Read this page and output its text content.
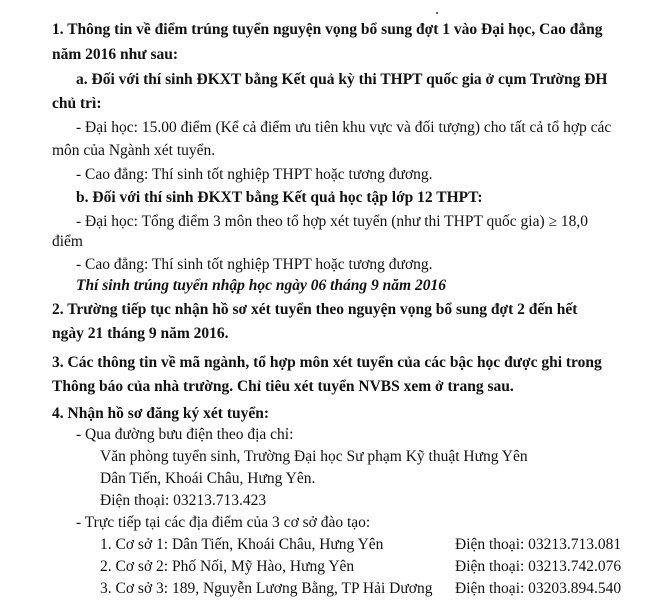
1. Thông tin về điểm trúng tuyển nguyện vọng bổ sung đợt 1 vào Đại học, Cao đẳng
năm 2016 như sau:
a. Đối với thí sinh ĐKXT bằng Kết quả kỳ thi THPT quốc gia ở cụm Trường ĐH
chủ trì:
- Đại học: 15.00 điểm (Kể cả điểm ưu tiên khu vực và đối tượng) cho tất cả tổ hợp các
môn của Ngành xét tuyển.
- Cao đẳng: Thí sinh tốt nghiệp THPT hoặc tương đương.
b. Đối với thí sinh ĐKXT bằng Kết quả học tập lớp 12 THPT:
- Đại học: Tổng điểm 3 môn theo tổ hợp xét tuyển (như thi THPT quốc gia) ≥ 18,0
điểm
- Cao đẳng: Thí sinh tốt nghiệp THPT hoặc tương đương.
Thí sinh trúng tuyển nhập học ngày 06 tháng 9 năm 2016
2. Trường tiếp tục nhận hồ sơ xét tuyển theo nguyện vọng bổ sung đợt 2 đến hết
ngày 21 tháng 9 năm 2016.
3. Các thông tin về mã ngành, tổ hợp môn xét tuyển của các bậc học được ghi trong
Thông báo của nhà trường. Chỉ tiêu xét tuyển NVBS xem ở trang sau.
4. Nhận hồ sơ đăng ký xét tuyển:
- Qua đường bưu điện theo địa chỉ:
Văn phòng tuyển sinh, Trường Đại học Sư phạm Kỹ thuật Hưng Yên
Dân Tiến, Khoái Châu, Hưng Yên.
Điện thoại: 03213.713.423
- Trực tiếp tại các địa điểm của 3 cơ sở đào tạo:
1. Cơ sở 1: Dân Tiến, Khoái Châu, Hưng Yên	Điện thoại: 03213.713.081
2. Cơ sở 2: Phố Nối, Mỹ Hào, Hưng Yên	Điện thoại: 03213.742.076
3. Cơ sở 3: 189, Nguyễn Lương Bằng, TP Hải Dương Điện thoại: 03203.894.540
